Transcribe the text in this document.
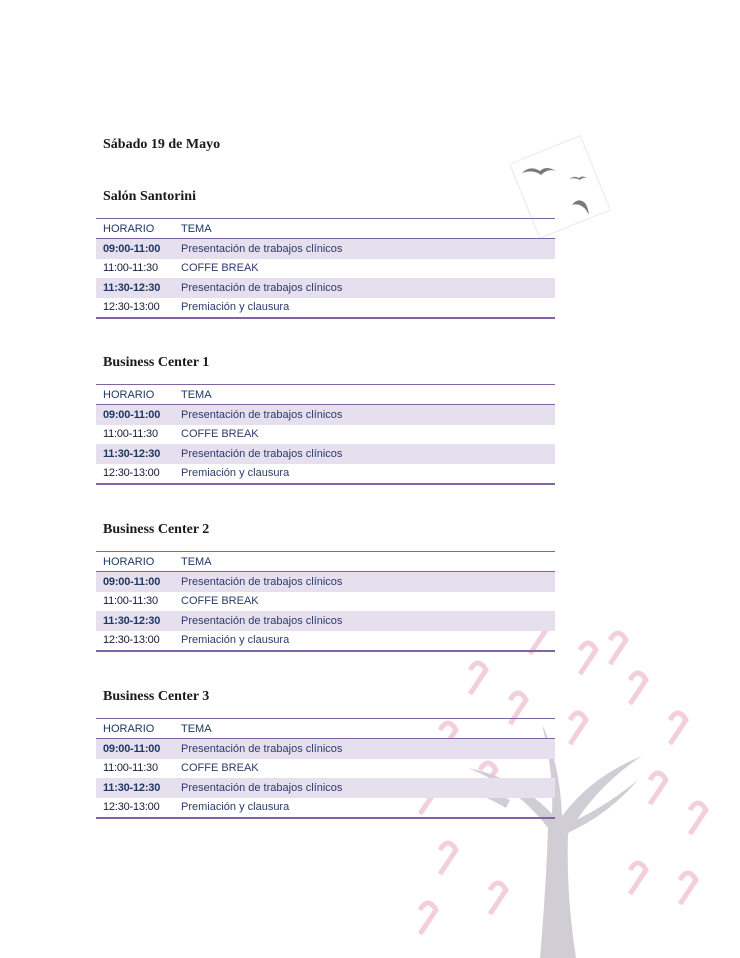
Sábado 19 de Mayo
Salón Santorini
HORARIO	TEMA
09:00-11:00	Presentación de trabajos clínicos
11:00-11:30	COFFE BREAK
11:30-12:30	Presentación de trabajos clínicos
12:30-13:00	Premiación y clausura
Business Center 1
HORARIO	TEMA
09:00-11:00	Presentación de trabajos clínicos
11:00-11:30	COFFE BREAK
11:30-12:30	Presentación de trabajos clínicos
12:30-13:00	Premiación y clausura
Business Center 2
HORARIO	TEMA
09:00-11:00	Presentación de trabajos clínicos
11:00-11:30	COFFE BREAK
11:30-12:30	Presentación de trabajos clínicos
12:30-13:00	Premiación y clausura
Business Center 3
HORARIO	TEMA
09:00-11:00	Presentación de trabajos clínicos
11:00-11:30	COFFE BREAK
11:30-12:30	Presentación de trabajos clínicos
12:30-13:00	Premiación y clausura
